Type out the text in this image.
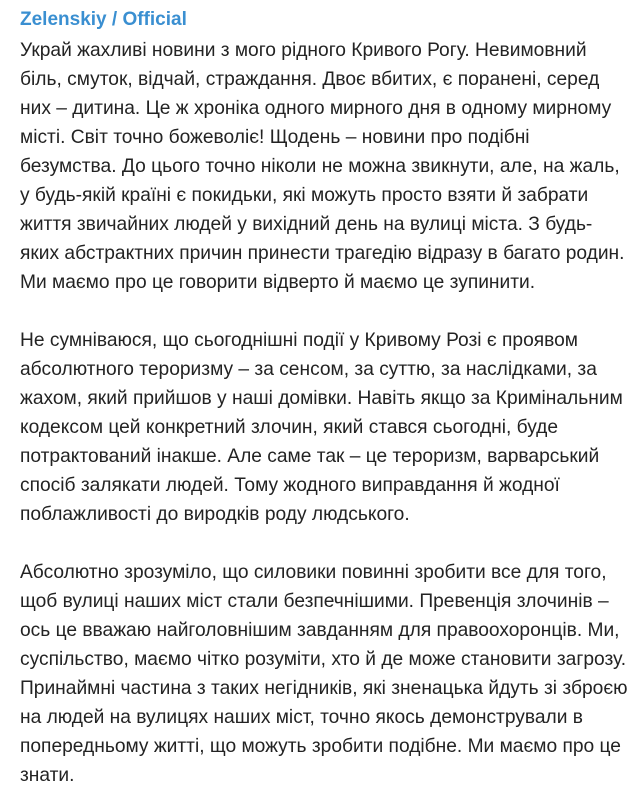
Zelenskiy / Official

Украй жахливі новини з мого рідного Кривого Рогу. Невимовний біль, смуток, відчай, страждання. Двоє вбитих, є поранені, серед них – дитина. Це ж хроніка одного мирного дня в одному мирному місті. Світ точно божеволіє! Щодень – новини про подібні безумства. До цього точно ніколи не можна звикнути, але, на жаль, у будь-якій країні є покидьки, які можуть просто взяти й забрати життя звичайних людей у вихідний день на вулиці міста. З будь-яких абстрактних причин принести трагедію відразу в багато родин. Ми маємо про це говорити відверто й маємо це зупинити.

Не сумніваюся, що сьогоднішні події у Кривому Розі є проявом абсолютного тероризму – за сенсом, за суттю, за наслідками, за жахом, який прийшов у наші домівки. Навіть якщо за Кримінальним кодексом цей конкретний злочин, який стався сьогодні, буде потрактований інакше. Але саме так – це тероризм, варварський спосіб залякати людей. Тому жодного виправдання й жодної поблажливості до виродків роду людського.

Абсолютно зрозуміло, що силовики повинні зробити все для того, щоб вулиці наших міст стали безпечнішими. Превенція злочинів – ось це вважаю найголовнішим завданням для правоохоронців. Ми, суспільство, маємо чітко розуміти, хто й де може становити загрозу. Принаймні частина з таких негідників, які зненацька йдуть зі зброєю на людей на вулицях наших міст, точно якось демонстрували в попередньому житті, що можуть зробити подібне. Ми маємо про це знати.
